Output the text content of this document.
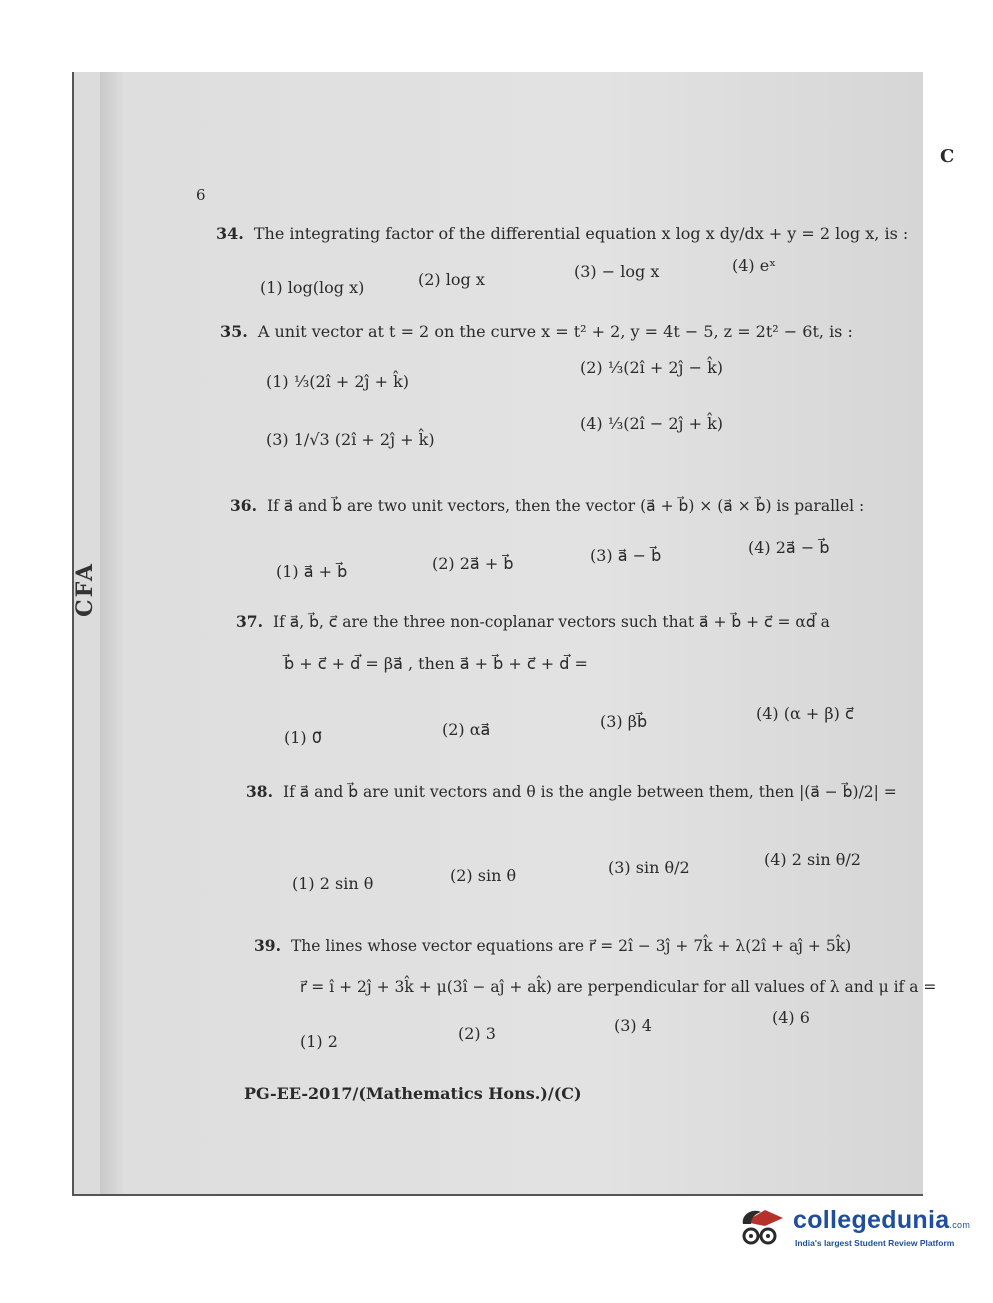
C
6
34. The integrating factor of the differential equation x log x dy/dx + y = 2 log x, is :
(1) log(log x)	(2) log x	(3) − log x	(4) eˣ
35. A unit vector at t = 2 on the curve x = t² + 2, y = 4t − 5, z = 2t² − 6t, is :
(1) ⅓(2î + 2ĵ + k̂)
(2) ⅓(2î + 2ĵ − k̂)
(3) 1/√3 (2î + 2ĵ + k̂)
(4) ⅓(2î − 2ĵ + k̂)
36. If a⃗ and b⃗ are two unit vectors, then the vector (a⃗ + b⃗) × (a⃗ × b⃗) is parallel :
(1) a⃗ + b⃗	(2) 2a⃗ + b⃗	(3) a⃗ − b⃗	(4) 2a⃗ − b⃗
37. If a⃗, b⃗, c⃗ are the three non-coplanar vectors such that a⃗ + b⃗ + c⃗ = αd⃗ a
b⃗ + c⃗ + d⃗ = βa⃗ , then a⃗ + b⃗ + c⃗ + d⃗ =
(1) 0⃗	(2) αa⃗	(3) βb⃗	(4) (α + β) c⃗
38. If a⃗ and b⃗ are unit vectors and θ is the angle between them, then |(a⃗ − b⃗)/2| =
(1) 2 sin θ	(2) sin θ	(3) sin θ/2	(4) 2 sin θ/2
39. The lines whose vector equations are r⃗ = 2î − 3ĵ + 7k̂ + λ(2î + aĵ + 5k̂)
r⃗ = î + 2ĵ + 3k̂ + μ(3î − aĵ + ak̂) are perpendicular for all values of λ and μ if a =
(1) 2	(2) 3	(3) 4	(4) 6
PG-EE-2017/(Mathematics Hons.)/(C)
CFA
collegedunia.com
India's largest Student Review Platform
